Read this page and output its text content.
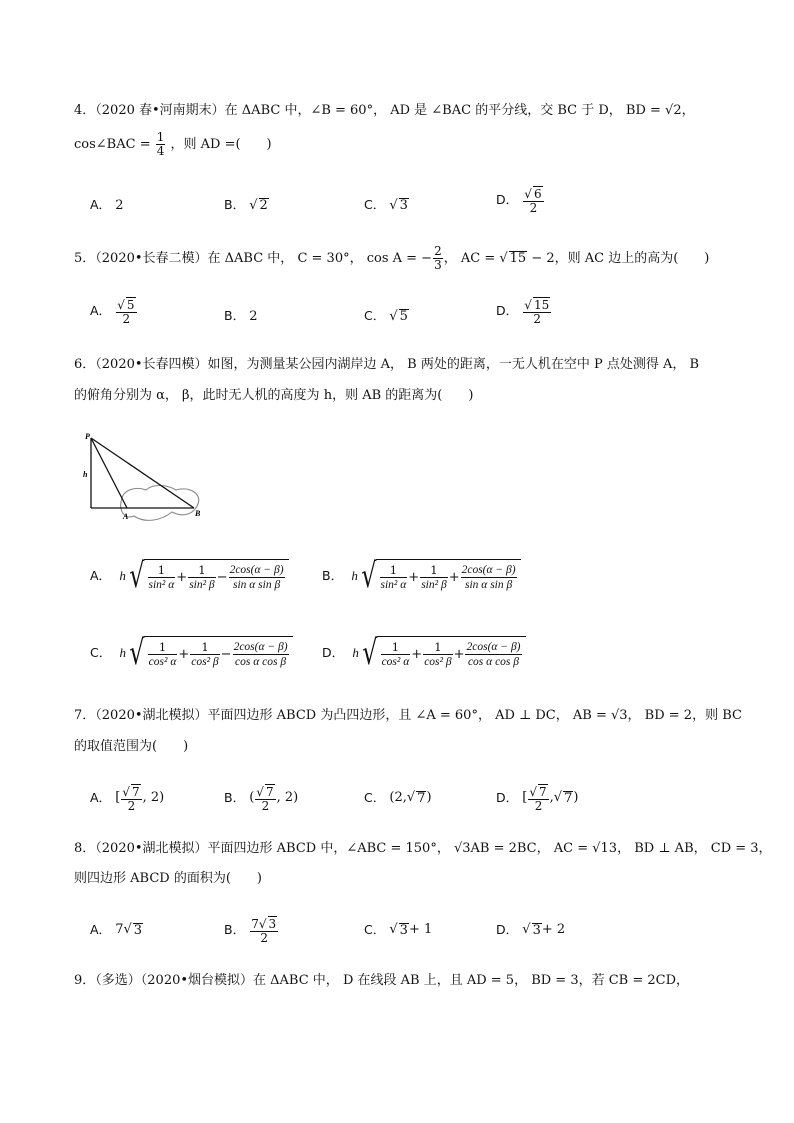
4．（2020 春•河南期末）在 ΔABC 中，∠B = 60°， AD 是 ∠BAC 的平分线，交 BC 于 D， BD = √2，
cos∠BAC = $\frac{1}{4}$ ，则 AD =(　　)
A． 2	B． √ 2	C． √ 3	D． $\frac{√ 6}{2}$
5．（2020•长春二模）在 ΔABC 中， C = 30°， cos A = − $\frac{2}{3}$ ， AC = √ 15 − 2，则 AC 边上的高为(　　)
A． $\frac{√ 5}{2}$	B． 2	C． √ 5	D． $\frac{√ 15}{2}$
6．（2020•长春四模）如图，为测量某公园内湖岸边 A， B 两处的距离，一无人机在空中 P 点处测得 A， B
的俯角分别为 α， β，此时无人机的高度为 h，则 AB 的距离为(　　)
P
h
A	B
A．
h √ $\frac{1}{\text{sin² α}} + \frac{1}{\text{sin² β}} - \frac{2\cos(\alpha - \beta)}{\text{sin α sin β}}$	B．
h √ $\frac{1}{\text{sin² α}} + \frac{1}{\text{sin² β}} + \frac{2\cos(\alpha - \beta)}{\text{sin α sin β}}$
C．
h √ $\frac{1}{\text{cos² α}} + \frac{1}{\text{cos² β}} - \frac{2\cos(\alpha - \beta)}{\text{cos α cos β}}$	D．
h √ $\frac{1}{\text{cos² α}} + \frac{1}{\text{cos² β}} + \frac{2\cos(\alpha - \beta)}{\text{cos α cos β}}$
7．（2020•湖北模拟）平面四边形 ABCD 为凸四边形，且 ∠A = 60°， AD ⊥ DC， AB = √3， BD = 2，则 BC
的取值范围为(　　)
A．
[ $\frac{√ 7}{2}$ , 2)	B．
( $\frac{√ 7}{2}$ , 2)	C．
(2, √ 7 )	D．
[ $\frac{√ 7}{2}$ , √ 7 )
8．（2020•湖北模拟）平面四边形 ABCD 中，∠ABC = 150°， √3AB = 2BC， AC = √13， BD ⊥ AB， CD = 3，
则四边形 ABCD 的面积为(　　)
A．
7 √ 3	B．
$\frac{7√ 3}{2}$	C．
√ 3 + 1	D．
√ 3 + 2
9．（多选）（2020•烟台模拟）在 ΔABC 中， D 在线段 AB 上，且 AD = 5， BD = 3，若 CB = 2CD，
